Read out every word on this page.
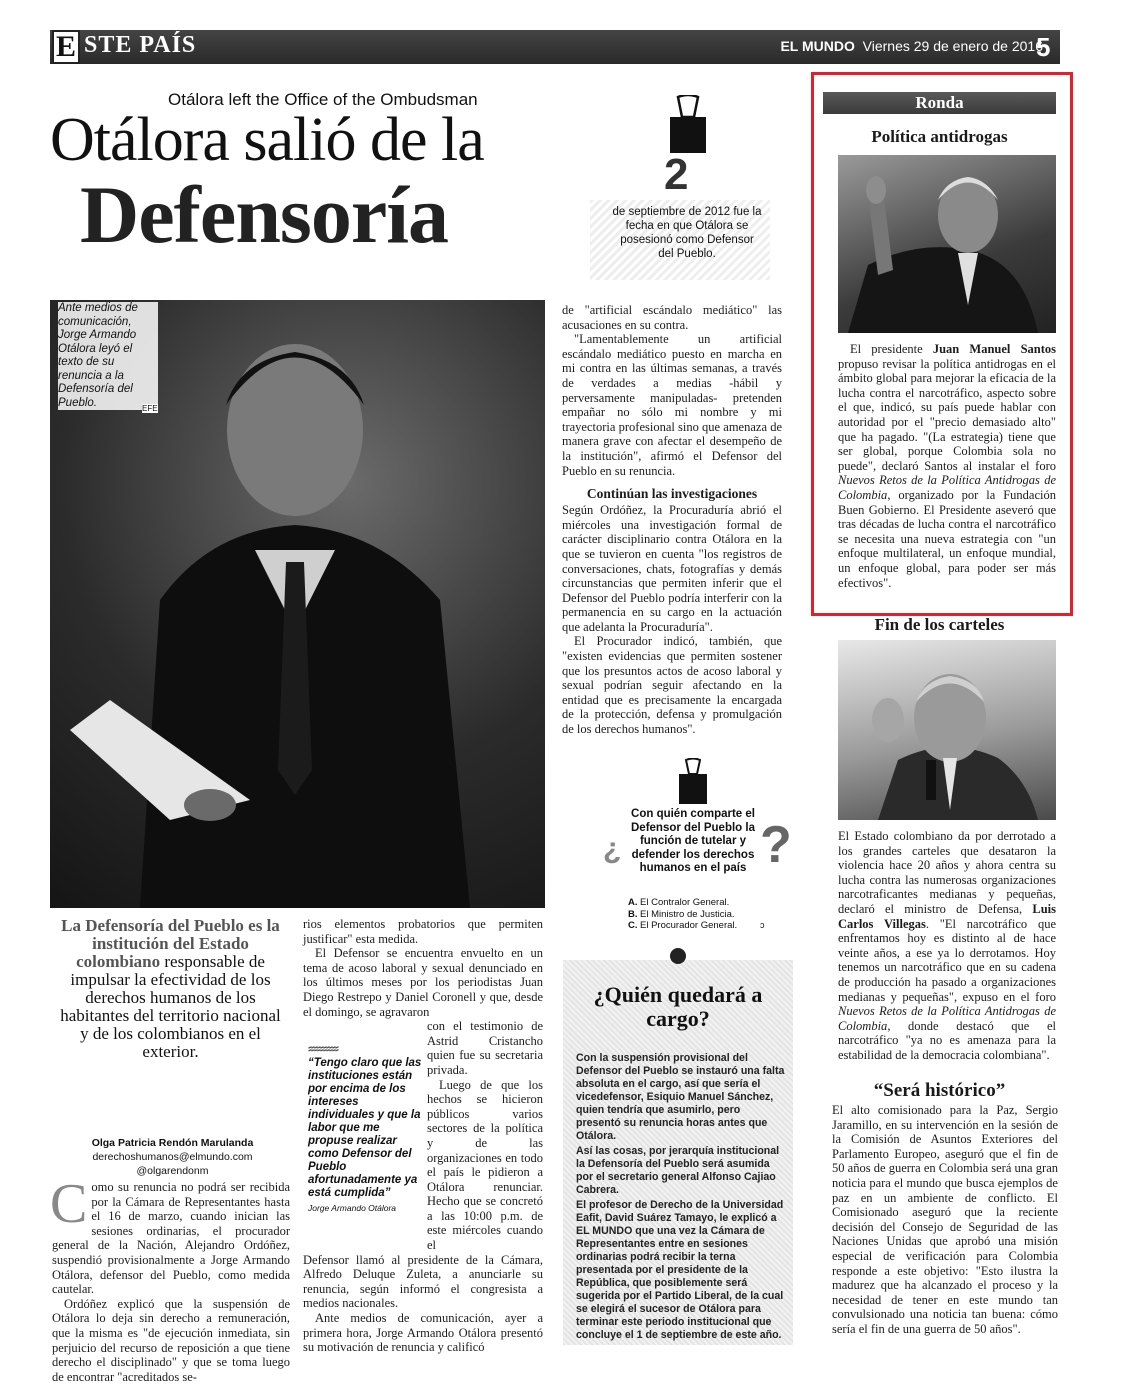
E STE PAÍS	EL MUNDO Viernes 29 de enero de 2016
5
Otálora left the Office of the Ombudsman
Otálora salió de la
Defensoría
Ante medios de comunicación, Jorge Armando Otálora leyó el texto de su renuncia a la Defensoría del Pueblo.	EFE
2
de septiembre de 2012 fue la fecha en que Otálora se posesionó como Defensor del Pueblo.

de "artificial escándalo mediático" las acusaciones en su contra.

"Lamentablemente un artificial escándalo mediático puesto en marcha en mi contra en las últimas semanas, a través de verdades a medias -hábil y perversamente manipuladas- pretenden empañar no sólo mi nombre y mi trayectoria profesional sino que amenaza de manera grave con afectar el desempeño de la institución", afirmó el Defensor del Pueblo en su renuncia.

Continúan las investigaciones

Según Ordóñez, la Procuraduría abrió el miércoles una investigación formal de carácter disciplinario contra Otálora en la que se tuvieron en cuenta "los registros de conversaciones, chats, fotografías y demás circunstancias que permiten inferir que el Defensor del Pueblo podría interferir con la permanencia en su cargo en la actuación que adelanta la Procuraduría".

El Procurador indicó, también, que "existen evidencias que permiten sostener que los presuntos actos de acoso laboral y sexual podrían seguir afectando en la entidad que es precisamente la encargada de la protección, defensa y promulgación de los derechos humanos".

¿	?
Con quién comparte el Defensor del Pueblo la función de tutelar y defender los derechos humanos en el país
A. El Contralor General.
B. El Ministro de Justicia.
C. El Procurador General.	ↄ
¿Quién quedará a cargo?

Con la suspensión provisional del Defensor del Pueblo se instauró una falta absoluta en el cargo, así que sería el vicedefensor, Esiquio Manuel Sánchez, quien tendría que asumirlo, pero presentó su renuncia horas antes que Otálora.

Así las cosas, por jerarquía institucional la Defensoría del Pueblo será asumida por el secretario general Alfonso Cajiao Cabrera.

El profesor de Derecho de la Universidad Eafit, David Suárez Tamayo, le explicó a EL MUNDO que una vez la Cámara de Representantes entre en sesiones ordinarias podrá recibir la terna presentada por el presidente de la República, que posiblemente será sugerida por el Partido Liberal, de la cual se elegirá el sucesor de Otálora para terminar este periodo institucional que concluye el 1 de septiembre de este año.

La Defensoría del Pueblo es la institución del Estado colombiano responsable de impulsar la efectividad de los derechos humanos de los habitantes del territorio nacional y de los colombianos en el exterior.
Olga Patricia Rendón Marulanda
derechoshumanos@elmundo.com
@olgarendonm

Como su renuncia no podrá ser recibida por la Cámara de Representantes hasta el 16 de marzo, cuando inician las sesiones ordinarias, el procurador general de la Nación, Alejandro Ordóñez, suspendió provisionalmente a Jorge Armando Otálora, defensor del Pueblo, como medida cautelar.

Ordóñez explicó que la suspensión de Otálora lo deja sin derecho a remuneración, que la misma es "de ejecución inmediata, sin perjuicio del recurso de reposición a que tiene derecho el disciplinado" y que se toma luego de encontrar "acreditados se-

rios elementos probatorios que permiten justificar" esta medida.

El Defensor se encuentra envuelto en un tema de acoso laboral y sexual denunciado en los últimos meses por los periodistas Juan Diego Restrepo y Daniel Coronell y que, desde el domingo, se agravaron

con el testimonio de Astrid Cristancho quien fue su secretaria privada.

Luego de que los hechos se hicieron públicos varios sectores de la política y de las organizaciones en todo el país le pidieron a Otálora renunciar. Hecho que se concretó a las 10:00 p.m. de este miércoles cuando el

Defensor llamó al presidente de la Cámara, Alfredo Deluque Zuleta, a anunciarle su renuncia, según informó el congresista a medios nacionales.

Ante medios de comunicación, ayer a primera hora, Jorge Armando Otálora presentó su motivación de renuncia y calificó

⸗⸗⸗⸗⸗⸗⸗⸗⸗⸗
“Tengo claro que las instituciones están por encima de los intereses individuales y que la labor que me propuse realizar como Defensor del Pueblo afortunadamente ya está cumplida”
Jorge Armando Otálora
Ronda
Política antidrogas

El presidente Juan Manuel Santos propuso revisar la política antidrogas en el ámbito global para mejorar la eficacia de la lucha contra el narcotráfico, aspecto sobre el que, indicó, su país puede hablar con autoridad por el "precio demasiado alto" que ha pagado. "(La estrategia) tiene que ser global, porque Colombia sola no puede", declaró Santos al instalar el foro Nuevos Retos de la Política Antidrogas de Colombia, organizado por la Fundación Buen Gobierno. El Presidente aseveró que tras décadas de lucha contra el narcotráfico se necesita una nueva estrategia con "un enfoque multilateral, un enfoque mundial, un enfoque global, para poder ser más efectivos".

Fin de los carteles

El Estado colombiano da por derrotado a los grandes carteles que desataron la violencia hace 20 años y ahora centra su lucha contra las numerosas organizaciones narcotraficantes medianas y pequeñas, declaró el ministro de Defensa, Luis Carlos Villegas. "El narcotráfico que enfrentamos hoy es distinto al de hace veinte años, a ese ya lo derrotamos. Hoy tenemos un narcotráfico que en su cadena de producción ha pasado a organizaciones medianas y pequeñas", expuso en el foro Nuevos Retos de la Política Antidrogas de Colombia, donde destacó que el narcotráfico "ya no es amenaza para la estabilidad de la democracia colombiana".

“Será histórico”

El alto comisionado para la Paz, Sergio Jaramillo, en su intervención en la sesión de la Comisión de Asuntos Exteriores del Parlamento Europeo, aseguró que el fin de 50 años de guerra en Colombia será una gran noticia para el mundo que busca ejemplos de paz en un ambiente de conflicto. El Comisionado aseguró que la reciente decisión del Consejo de Seguridad de las Naciones Unidas que aprobó una misión especial de verificación para Colombia responde a este objetivo: "Esto ilustra la madurez que ha alcanzado el proceso y la necesidad de tener en este mundo tan convulsionado una noticia tan buena: cómo sería el fin de una guerra de 50 años".
